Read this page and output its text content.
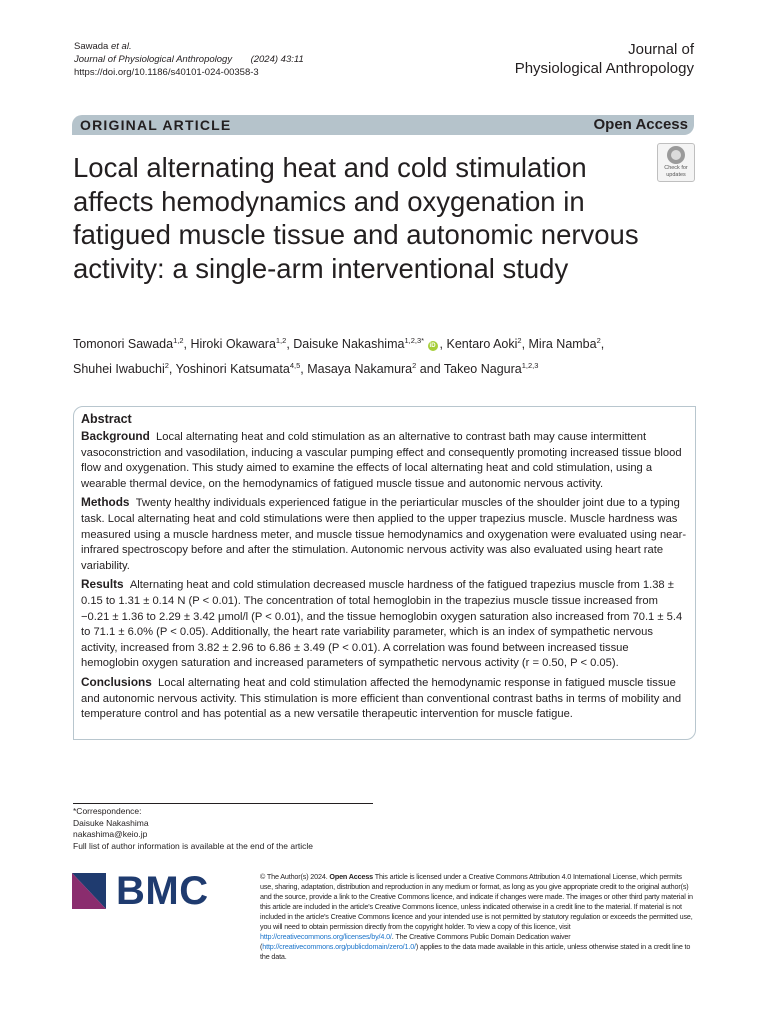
Sawada et al.
Journal of Physiological Anthropology (2024) 43:11
https://doi.org/10.1186/s40101-024-00358-3
Journal of
Physiological Anthropology
ORIGINAL ARTICLE	Open Access
Local alternating heat and cold stimulation affects hemodynamics and oxygenation in fatigued muscle tissue and autonomic nervous activity: a single-arm interventional study
Check for
updates
Tomonori Sawada$^{1,2}$, Hiroki Okawara$^{1,2}$, Daisuke Nakashima$^{1,2,3*}$ iD , Kentaro Aoki$^2$, Mira Namba$^2$,
Shuhei Iwabuchi$^2$, Yoshinori Katsumata$^{4,5}$, Masaya Nakamura$^2$ and Takeo Nagura$^{1,2,3}$
Abstract

Background Local alternating heat and cold stimulation as an alternative to contrast bath may cause intermittent vasoconstriction and vasodilation, inducing a vascular pumping effect and consequently promoting increased tissue blood flow and oxygenation. This study aimed to examine the effects of local alternating heat and cold stimulation, using a wearable thermal device, on the hemodynamics of fatigued muscle tissue and autonomic nervous activity.

Methods Twenty healthy individuals experienced fatigue in the periarticular muscles of the shoulder joint due to a typing task. Local alternating heat and cold stimulations were then applied to the upper trapezius muscle. Muscle hardness was measured using a muscle hardness meter, and muscle tissue hemodynamics and oxygenation were evaluated using near-infrared spectroscopy before and after the stimulation. Autonomic nervous activity was also evaluated using heart rate variability.

Results Alternating heat and cold stimulation decreased muscle hardness of the fatigued trapezius muscle from 1.38 ± 0.15 to 1.31 ± 0.14 N (P < 0.01). The concentration of total hemoglobin in the trapezius muscle tissue increased from −0.21 ± 1.36 to 2.29 ± 3.42 μmol/l (P < 0.01), and the tissue hemoglobin oxygen saturation also increased from 70.1 ± 5.4 to 71.1 ± 6.0% (P < 0.05). Additionally, the heart rate variability parameter, which is an index of sympathetic nervous activity, increased from 3.82 ± 2.96 to 6.86 ± 3.49 (P < 0.01). A correlation was found between increased tissue hemoglobin oxygen saturation and increased parameters of sympathetic nervous activity (r = 0.50, P < 0.05).

Conclusions Local alternating heat and cold stimulation affected the hemodynamic response in fatigued muscle tissue and autonomic nervous activity. This stimulation is more efficient than conventional contrast baths in terms of mobility and temperature control and has potential as a new versatile therapeutic intervention for muscle fatigue.

*Correspondence:
Daisuke Nakashima
nakashima@keio.jp
Full list of author information is available at the end of the article
BMC	© The Author(s) 2024. Open Access This article is licensed under a Creative Commons Attribution 4.0 International License, which permits use, sharing, adaptation, distribution and reproduction in any medium or format, as long as you give appropriate credit to the original author(s) and the source, provide a link to the Creative Commons licence, and indicate if changes were made. The images or other third party material in this article are included in the article's Creative Commons licence, unless indicated otherwise in a credit line to the material. If material is not included in the article's Creative Commons licence and your intended use is not permitted by statutory regulation or exceeds the permitted use, you will need to obtain permission directly from the copyright holder. To view a copy of this licence, visit http://creativecommons.org/licenses/by/4.0/. The Creative Commons Public Domain Dedication waiver (http://creativecommons.org/publicdomain/zero/1.0/) applies to the data made available in this article, unless otherwise stated in a credit line to the data.
